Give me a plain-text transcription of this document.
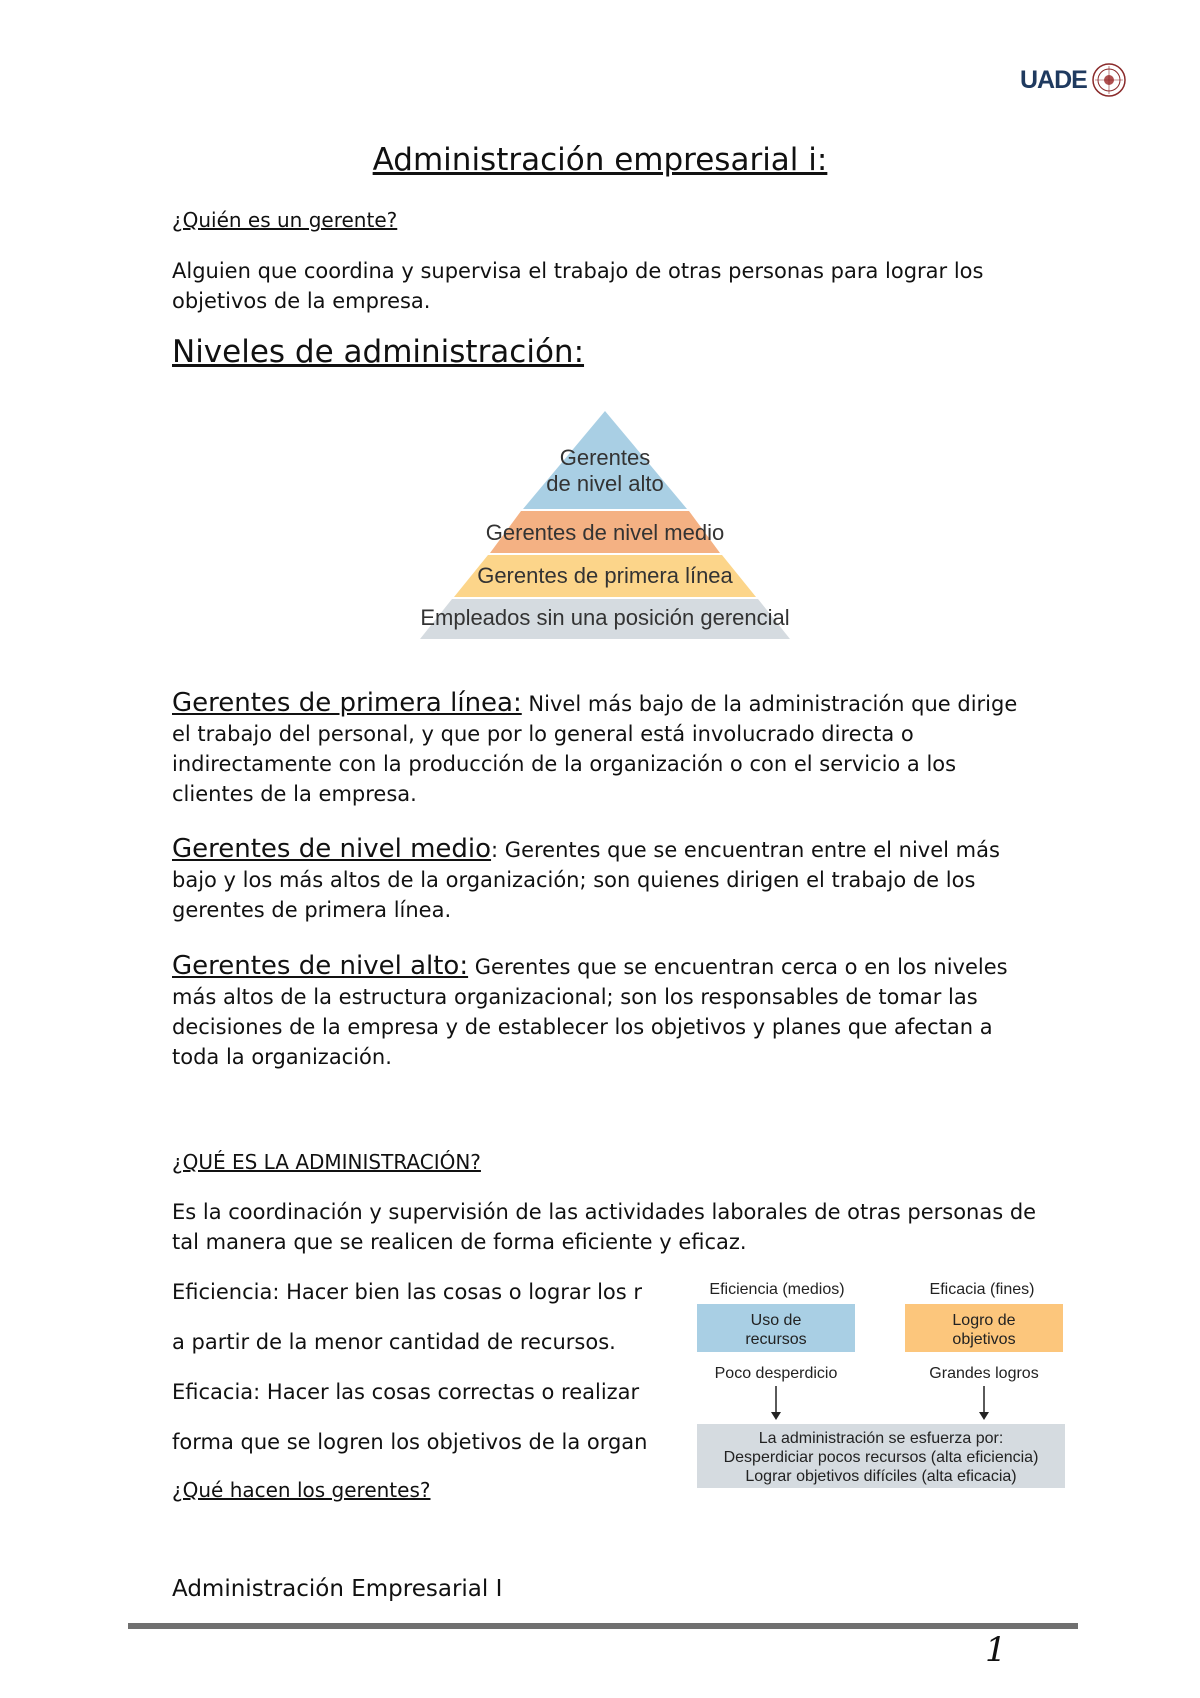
UADE
Administración empresarial i:
¿Quién es un gerente?
Alguien que coordina y supervisa el trabajo de otras personas para lograr los objetivos de la empresa.
Niveles de administración:
Gerentes
de nivel alto
Gerentes de nivel medio
Gerentes de primera línea
Empleados sin una posición gerencial
Gerentes de primera línea: Nivel más bajo de la administración que dirige el trabajo del personal, y que por lo general está involucrado directa o indirectamente con la producción de la organización o con el servicio a los clientes de la empresa.
Gerentes de nivel medio: Gerentes que se encuentran entre el nivel más bajo y los más altos de la organización; son quienes dirigen el trabajo de los gerentes de primera línea.
Gerentes de nivel alto: Gerentes que se encuentran cerca o en los niveles más altos de la estructura organizacional; son los responsables de tomar las decisiones de la empresa y de establecer los objetivos y planes que afectan a toda la organización.
¿QUÉ ES LA ADMINISTRACIÓN?
Es la coordinación y supervisión de las actividades laborales de otras personas de tal manera que se realicen de forma eficiente y eficaz.
Eficiencia: Hacer bien las cosas o lograr los r
a partir de la menor cantidad de recursos.
Eficacia: Hacer las cosas correctas o realizar
forma que se logren los objetivos de la organ
¿Qué hacen los gerentes?
Eficiencia (medios)	Eficacia (fines)
Uso de
recursos
Logro de
objetivos
Poco desperdicio	Grandes logros
La administración se esfuerza por:
Desperdiciar pocos recursos (alta eficiencia)
Lograr objetivos difíciles (alta eficacia)
Administración Empresarial I
1
